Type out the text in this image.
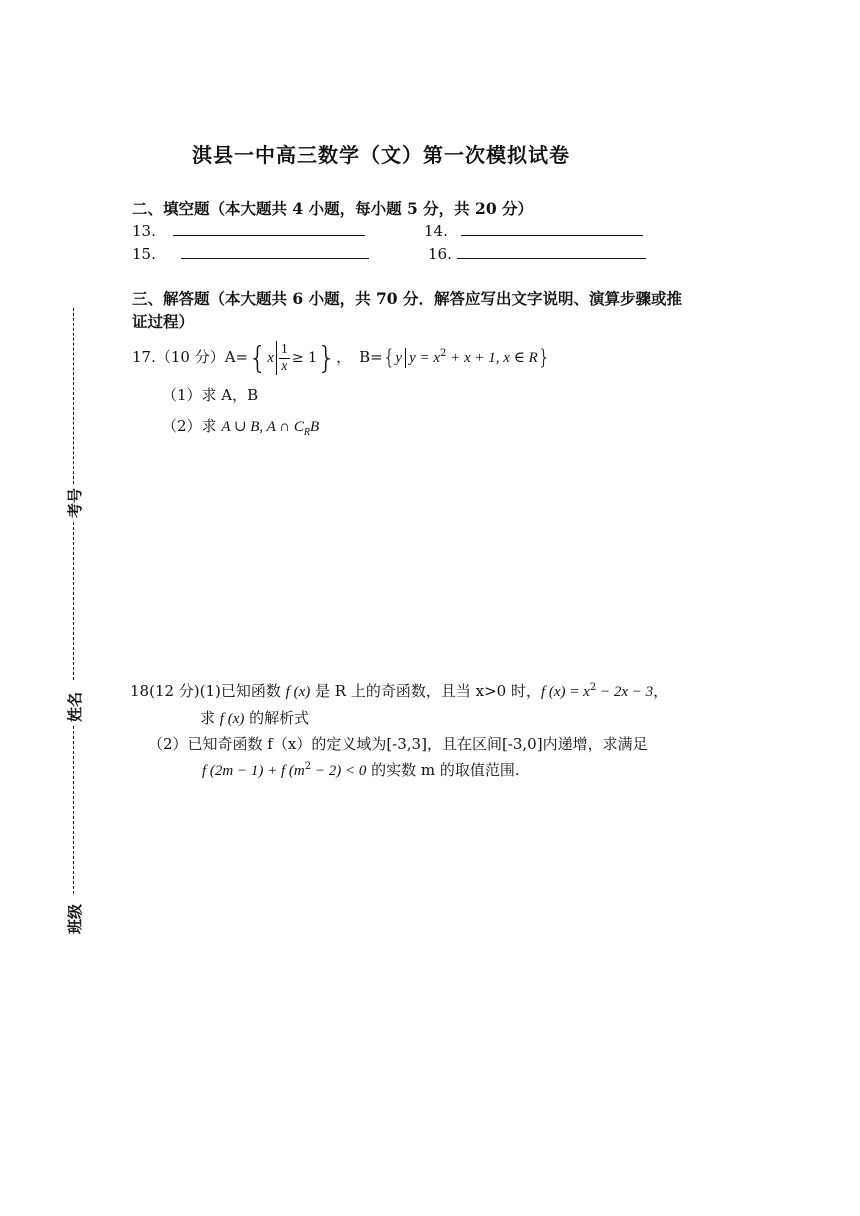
淇县一中高三数学（文）第一次模拟试卷
二、填空题（本大题共 4 小题，每小题 5 分，共 20 分）
13.	14.
15.	16.
三、解答题（本大题共 6 小题，共 70 分．解答应写出文字说明、演算步骤或推
证过程）
17.（10 分）$A=\{x \frac{1}{x} \ge 1\}$， B={y $y = x^2 + x + 1$, x ∈ R}
（1）求 A，B
（2）求 A ∪ B, A ∩ $C_RB$
18(12 分)(1)已知函数 f (x) 是 R 上的奇函数，且当 x>0 时，f $(x) = x^2 - 2x - 3$，
求 f (x) 的解析式
（2）已知奇函数 f（x）的定义域为[-3,3]，且在区间[-3,0]内递增，求满足
f (2m − 1) + f $(m^2 - 2) < 0$ 的实数 m 的取值范围.
考号
姓名
班级
